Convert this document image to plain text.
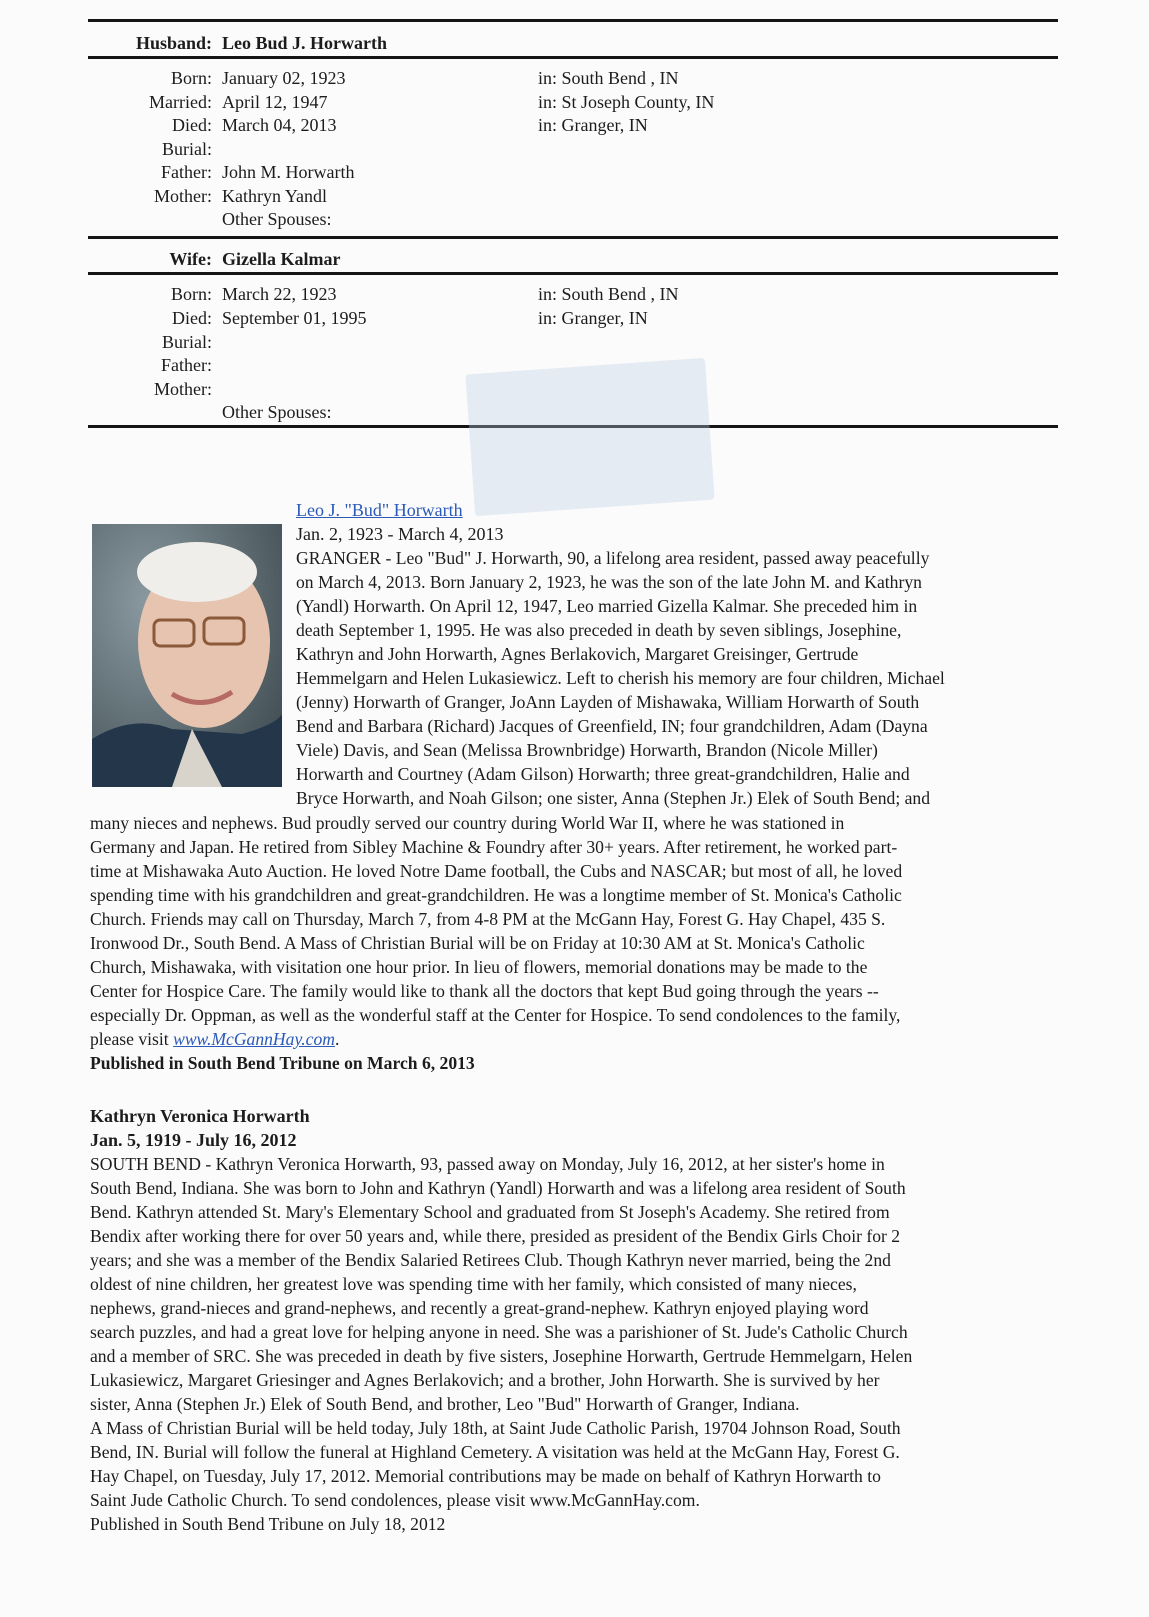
Husband: Leo Bud J. Horwarth
Born: January 02, 1923	in: South Bend , IN
Married: April 12, 1947	in: St Joseph County, IN
Died: March 04, 2013	in: Granger, IN
Burial:
Father: John M. Horwarth
Mother: Kathryn Yandl
Other Spouses:
Wife: Gizella Kalmar
Born: March 22, 1923	in: South Bend , IN
Died: September 01, 1995	in: Granger, IN
Burial:
Father:
Mother:
Other Spouses:
Leo J. "Bud" Horwarth
Jan. 2, 1923 - March 4, 2013
GRANGER - Leo "Bud" J. Horwarth, 90, a lifelong area resident, passed away peacefully
on March 4, 2013. Born January 2, 1923, he was the son of the late John M. and Kathryn
(Yandl) Horwarth. On April 12, 1947, Leo married Gizella Kalmar. She preceded him in
death September 1, 1995. He was also preceded in death by seven siblings, Josephine,
Kathryn and John Horwarth, Agnes Berlakovich, Margaret Greisinger, Gertrude
Hemmelgarn and Helen Lukasiewicz. Left to cherish his memory are four children, Michael
(Jenny) Horwarth of Granger, JoAnn Layden of Mishawaka, William Horwarth of South
Bend and Barbara (Richard) Jacques of Greenfield, IN; four grandchildren, Adam (Dayna
Viele) Davis, and Sean (Melissa Brownbridge) Horwarth, Brandon (Nicole Miller)
Horwarth and Courtney (Adam Gilson) Horwarth; three great-grandchildren, Halie and
Bryce Horwarth, and Noah Gilson; one sister, Anna (Stephen Jr.) Elek of South Bend; and
many nieces and nephews. Bud proudly served our country during World War II, where he was stationed in
Germany and Japan. He retired from Sibley Machine & Foundry after 30+ years. After retirement, he worked part-
time at Mishawaka Auto Auction. He loved Notre Dame football, the Cubs and NASCAR; but most of all, he loved
spending time with his grandchildren and great-grandchildren. He was a longtime member of St. Monica's Catholic
Church. Friends may call on Thursday, March 7, from 4-8 PM at the McGann Hay, Forest G. Hay Chapel, 435 S.
Ironwood Dr., South Bend. A Mass of Christian Burial will be on Friday at 10:30 AM at St. Monica's Catholic
Church, Mishawaka, with visitation one hour prior. In lieu of flowers, memorial donations may be made to the
Center for Hospice Care. The family would like to thank all the doctors that kept Bud going through the years --
especially Dr. Oppman, as well as the wonderful staff at the Center for Hospice. To send condolences to the family,
please visit www.McGannHay.com.
Published in South Bend Tribune on March 6, 2013
Kathryn Veronica Horwarth
Jan. 5, 1919 - July 16, 2012
SOUTH BEND - Kathryn Veronica Horwarth, 93, passed away on Monday, July 16, 2012, at her sister's home in
South Bend, Indiana. She was born to John and Kathryn (Yandl) Horwarth and was a lifelong area resident of South
Bend. Kathryn attended St. Mary's Elementary School and graduated from St Joseph's Academy. She retired from
Bendix after working there for over 50 years and, while there, presided as president of the Bendix Girls Choir for 2
years; and she was a member of the Bendix Salaried Retirees Club. Though Kathryn never married, being the 2nd
oldest of nine children, her greatest love was spending time with her family, which consisted of many nieces,
nephews, grand-nieces and grand-nephews, and recently a great-grand-nephew. Kathryn enjoyed playing word
search puzzles, and had a great love for helping anyone in need. She was a parishioner of St. Jude's Catholic Church
and a member of SRC. She was preceded in death by five sisters, Josephine Horwarth, Gertrude Hemmelgarn, Helen
Lukasiewicz, Margaret Griesinger and Agnes Berlakovich; and a brother, John Horwarth. She is survived by her
sister, Anna (Stephen Jr.) Elek of South Bend, and brother, Leo "Bud" Horwarth of Granger, Indiana.
A Mass of Christian Burial will be held today, July 18th, at Saint Jude Catholic Parish, 19704 Johnson Road, South
Bend, IN. Burial will follow the funeral at Highland Cemetery. A visitation was held at the McGann Hay, Forest G.
Hay Chapel, on Tuesday, July 17, 2012. Memorial contributions may be made on behalf of Kathryn Horwarth to
Saint Jude Catholic Church. To send condolences, please visit www.McGannHay.com.
Published in South Bend Tribune on July 18, 2012
